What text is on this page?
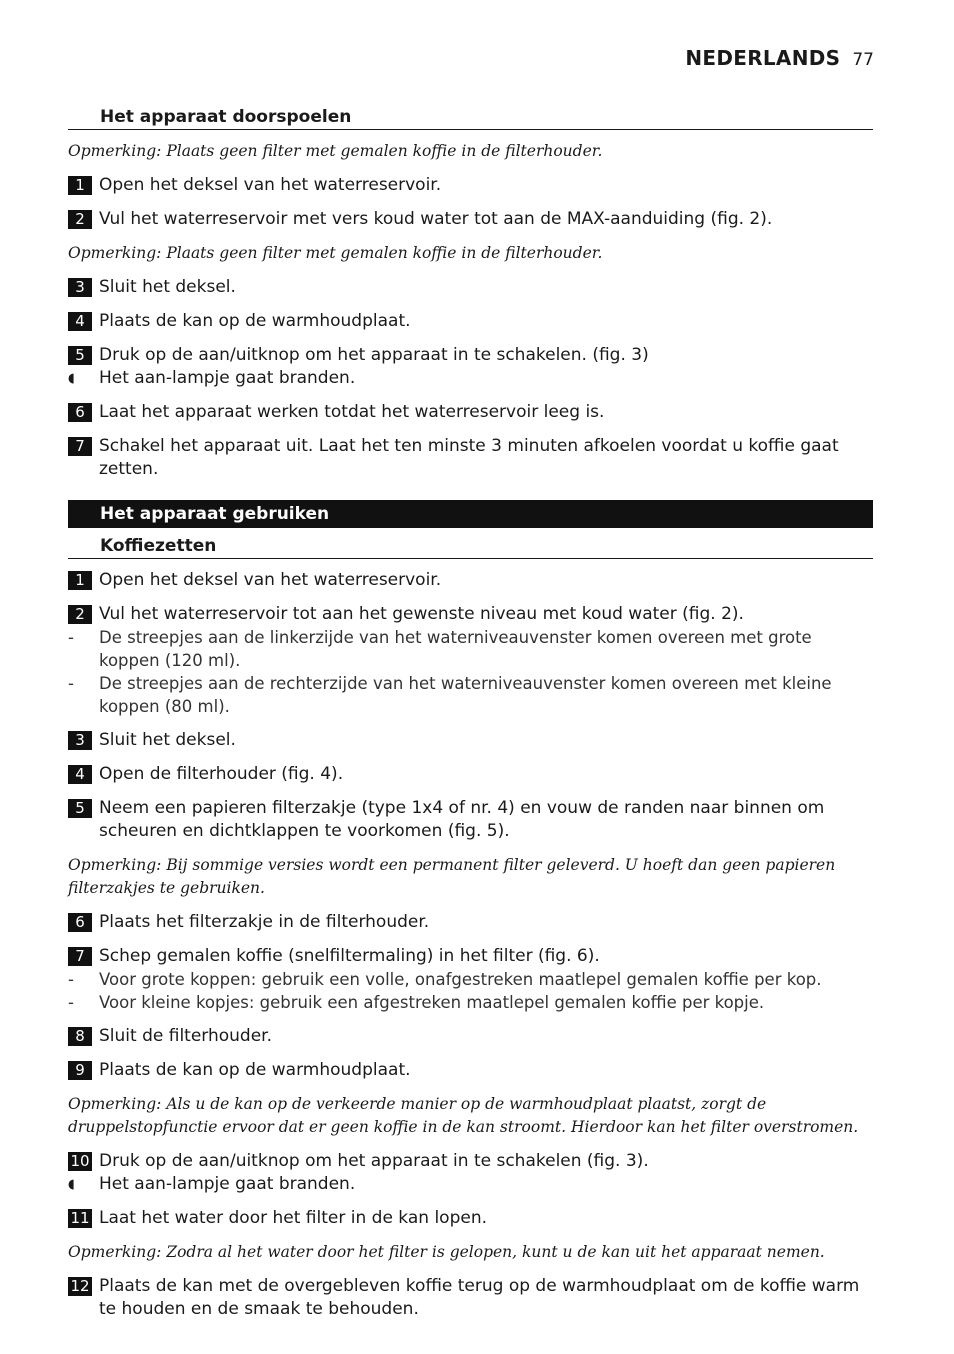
NEDERLANDS 77
Het apparaat doorspoelen
Opmerking: Plaats geen filter met gemalen koffie in de filterhouder.
1 Open het deksel van het waterreservoir.
2 Vul het waterreservoir met vers koud water tot aan de MAX-aanduiding (fig. 2).
Opmerking: Plaats geen filter met gemalen koffie in de filterhouder.
3 Sluit het deksel.
4 Plaats de kan op de warmhoudplaat.
5 Druk op de aan/uitknop om het apparaat in te schakelen. (fig. 3)
◖	Het aan-lampje gaat branden.
6 Laat het apparaat werken totdat het waterreservoir leeg is.
7 Schakel het apparaat uit. Laat het ten minste 3 minuten afkoelen voordat u koffie gaat zetten.
Het apparaat gebruiken
Koffiezetten
1 Open het deksel van het waterreservoir.
2 Vul het waterreservoir tot aan het gewenste niveau met koud water (fig. 2).
-	De streepjes aan de linkerzijde van het waterniveauvenster komen overeen met grote koppen (120 ml).
-	De streepjes aan de rechterzijde van het waterniveauvenster komen overeen met kleine koppen (80 ml).
3 Sluit het deksel.
4 Open de filterhouder (fig. 4).
5 Neem een papieren filterzakje (type 1x4 of nr. 4) en vouw de randen naar binnen om scheuren en dichtklappen te voorkomen (fig. 5).
Opmerking: Bij sommige versies wordt een permanent filter geleverd. U hoeft dan geen papieren filterzakjes te gebruiken.
6 Plaats het filterzakje in de filterhouder.
7 Schep gemalen koffie (snelfiltermaling) in het filter (fig. 6).
-	Voor grote koppen: gebruik een volle, onafgestreken maatlepel gemalen koffie per kop.
-	Voor kleine kopjes: gebruik een afgestreken maatlepel gemalen koffie per kopje.
8 Sluit de filterhouder.
9 Plaats de kan op de warmhoudplaat.
Opmerking: Als u de kan op de verkeerde manier op de warmhoudplaat plaatst, zorgt de druppelstopfunctie ervoor dat er geen koffie in de kan stroomt. Hierdoor kan het filter overstromen.
10 Druk op de aan/uitknop om het apparaat in te schakelen (fig. 3).
◖	Het aan-lampje gaat branden.
11 Laat het water door het filter in de kan lopen.
Opmerking: Zodra al het water door het filter is gelopen, kunt u de kan uit het apparaat nemen.
12 Plaats de kan met de overgebleven koffie terug op de warmhoudplaat om de koffie warm te houden en de smaak te behouden.
